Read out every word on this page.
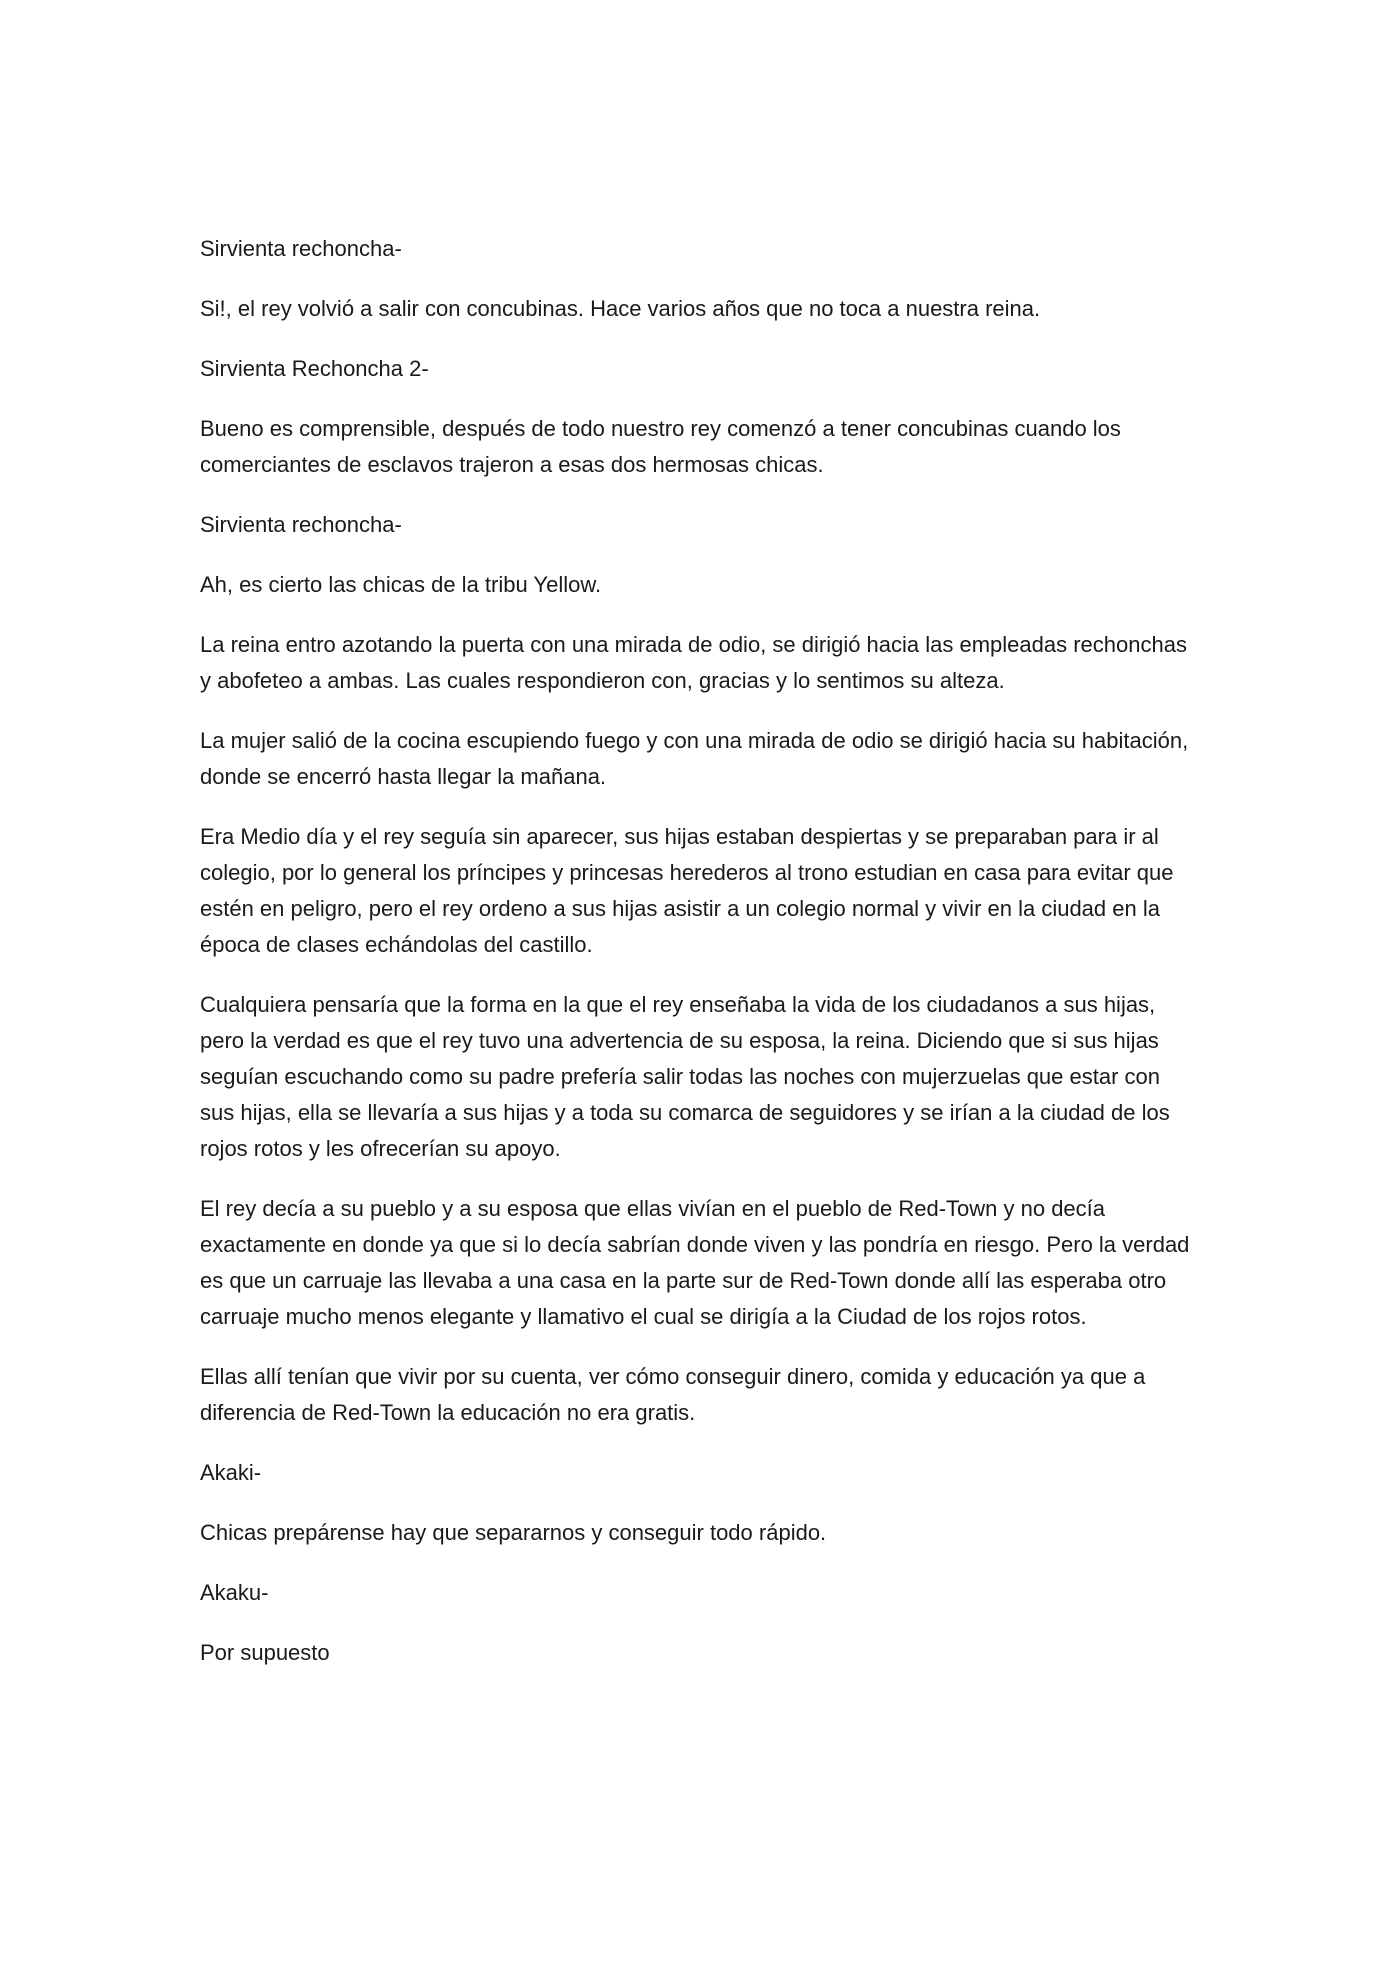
Sirvienta rechoncha-

Si!, el rey volvió a salir con concubinas. Hace varios años que no toca a nuestra reina.

Sirvienta Rechoncha 2-

Bueno es comprensible, después de todo nuestro rey comenzó a tener concubinas cuando los comerciantes de esclavos trajeron a esas dos hermosas chicas.

Sirvienta rechoncha-

Ah, es cierto las chicas de la tribu Yellow.

La reina entro azotando la puerta con una mirada de odio, se dirigió hacia las empleadas rechonchas y abofeteo a ambas. Las cuales respondieron con, gracias y lo sentimos su alteza.

La mujer salió de la cocina escupiendo fuego y con una mirada de odio se dirigió hacia su habitación, donde se encerró hasta llegar la mañana.

Era Medio día y el rey seguía sin aparecer, sus hijas estaban despiertas y se preparaban para ir al colegio, por lo general los príncipes y princesas herederos al trono estudian en casa para evitar que estén en peligro, pero el rey ordeno a sus hijas asistir a un colegio normal y vivir en la ciudad en la época de clases echándolas del castillo.

Cualquiera pensaría que la forma en la que el rey enseñaba la vida de los ciudadanos a sus hijas, pero la verdad es que el rey tuvo una advertencia de su esposa, la reina. Diciendo que si sus hijas seguían escuchando como su padre prefería salir todas las noches con mujerzuelas que estar con sus hijas, ella se llevaría a sus hijas y a toda su comarca de seguidores y se irían a la ciudad de los rojos rotos y les ofrecerían su apoyo.

El rey decía a su pueblo y a su esposa que ellas vivían en el pueblo de Red-Town y no decía exactamente en donde ya que si lo decía sabrían donde viven y las pondría en riesgo. Pero la verdad es que un carruaje las llevaba a una casa en la parte sur de Red-Town donde allí las esperaba otro carruaje mucho menos elegante y llamativo el cual se dirigía a la Ciudad de los rojos rotos.

Ellas allí tenían que vivir por su cuenta, ver cómo conseguir dinero, comida y educación ya que a diferencia de Red-Town la educación no era gratis.

Akaki-

Chicas prepárense hay que separarnos y conseguir todo rápido.

Akaku-

Por supuesto
